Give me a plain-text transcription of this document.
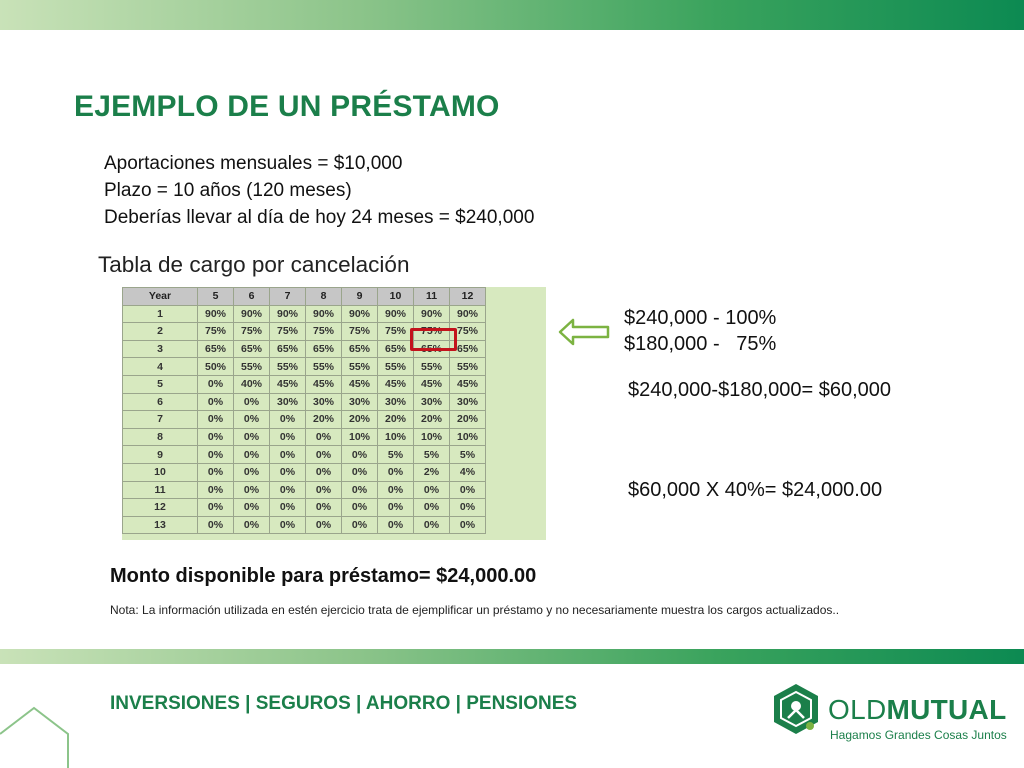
EJEMPLO DE UN PRÉSTAMO
Aportaciones mensuales = $10,000
Plazo = 10 años (120 meses)
Deberías llevar al día de hoy 24 meses = $240,000
Tabla de cargo por cancelación
Year	5	6	7	8	9	10	11	12
1	90%	90%	90%	90%	90%	90%	90%	90%
2	75%	75%	75%	75%	75%	75%	75%	75%
3	65%	65%	65%	65%	65%	65%	65%	65%
4	50%	55%	55%	55%	55%	55%	55%	55%
5	0%	40%	45%	45%	45%	45%	45%	45%
6	0%	0%	30%	30%	30%	30%	30%	30%
7	0%	0%	0%	20%	20%	20%	20%	20%
8	0%	0%	0%	0%	10%	10%	10%	10%
9	0%	0%	0%	0%	0%	5%	5%	5%
10	0%	0%	0%	0%	0%	0%	2%	4%
11	0%	0%	0%	0%	0%	0%	0%	0%
12	0%	0%	0%	0%	0%	0%	0%	0%
13	0%	0%	0%	0%	0%	0%	0%	0%
$240,000 - 100%
$180,000 -   75%
$240,000-$180,000= $60,000
$60,000 X 40%= $24,000.00
Monto disponible para préstamo= $24,000.00
Nota: La información utilizada en estén ejercicio trata de ejemplificar un préstamo y no necesariamente muestra los cargos actualizados..
INVERSIONES | SEGUROS | AHORRO | PENSIONES	OLDMUTUAL
Hagamos Grandes Cosas Juntos
